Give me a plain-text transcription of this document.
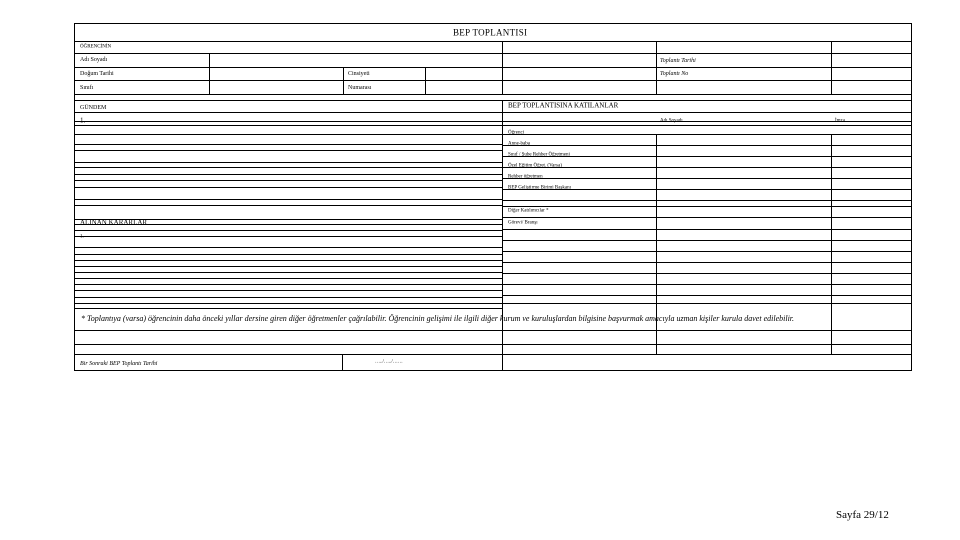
BEP TOPLANTISI
ÖĞRENCİNİN
Adı Soyadı
Doğum Tarihi	Cinsiyeti
Sınıfı	Numarası
Toplantı Tarihi
Toplantı No
GÜNDEM
1.
BEP TOPLANTISINA KATILANLAR
Adı Soyadı	İmza
Öğrenci
Anne-baba
Sınıf / Şube Rehber Öğretmeni
Özel Eğitim Öğret. (Varsa)
Rehber öğretmen
BEP Geliştirme Birimi Başkanı
Diğer Katılımcılar *
Görevi/ Branşı
ALINAN KARARLAR
1.
* Toplantıya (varsa) öğrencinin daha önceki yıllar dersine giren diğer öğretmenler çağrılabilir. Öğrencinin gelişimi ile ilgili diğer kurum ve kuruluşlardan bilgisine başvurmak amacıyla uzman kişiler kurula davet edilebilir.
Bir Sonraki BEP Toplantı Tarihi	…../…../……
Sayfa 29/12
